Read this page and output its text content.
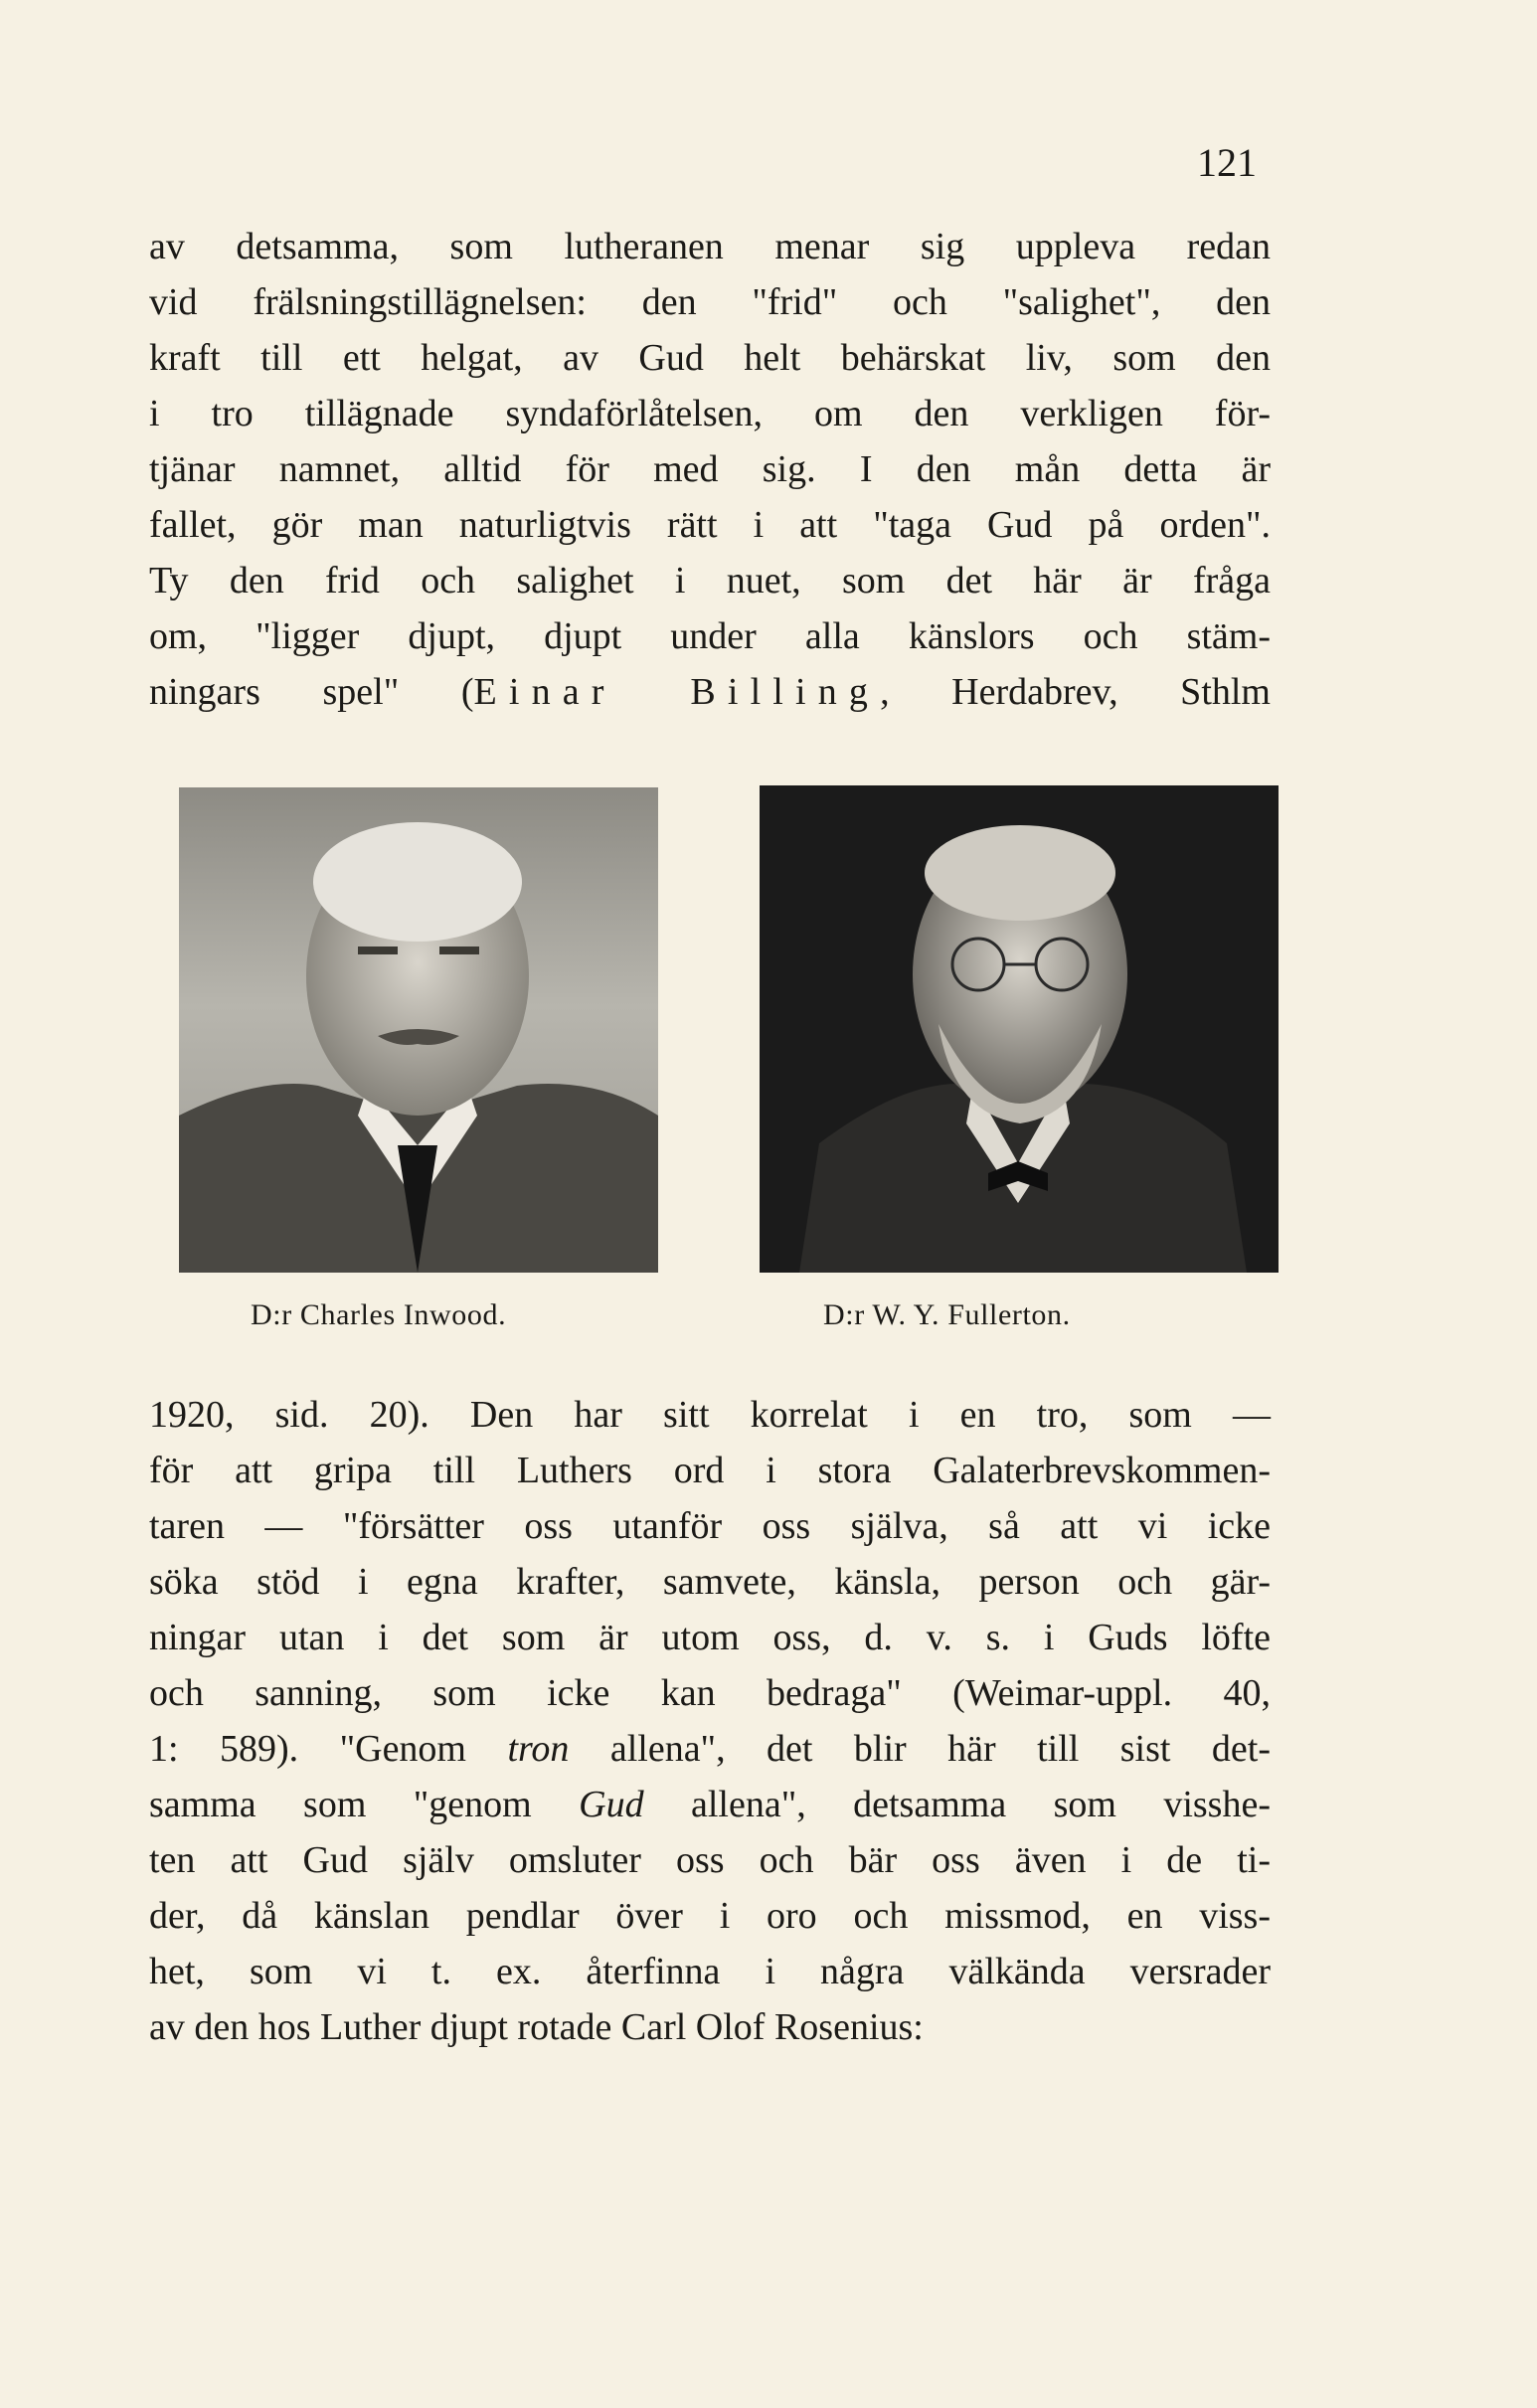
121
av detsamma, som lutheranen menar sig uppleva redan
vid frälsningstillägnelsen: den "frid" och "salighet", den
kraft till ett helgat, av Gud helt behärskat liv, som den
i tro tillägnade syndaförlåtelsen, om den verkligen för-
tjänar namnet, alltid för med sig. I den mån detta är
fallet, gör man naturligtvis rätt i att "taga Gud på orden".
Ty den frid och salighet i nuet, som det här är fråga
om, "ligger djupt, djupt under alla känslors och stäm-
ningars spel" (Einar Billing, Herdabrev, Sthlm
D:r Charles Inwood.	D:r W. Y. Fullerton.
1920, sid. 20). Den har sitt korrelat i en tro, som —
för att gripa till Luthers ord i stora Galaterbrevskommen-
taren — "försätter oss utanför oss själva, så att vi icke
söka stöd i egna krafter, samvete, känsla, person och gär-
ningar utan i det som är utom oss, d. v. s. i Guds löfte
och sanning, som icke kan bedraga" (Weimar-uppl. 40,
1: 589). "Genom tron allena", det blir här till sist det-
samma som "genom Gud allena", detsamma som visshe-
ten att Gud själv omsluter oss och bär oss även i de ti-
der, då känslan pendlar över i oro och missmod, en viss-
het, som vi t. ex. återfinna i några välkända versrader
av den hos Luther djupt rotade Carl Olof Rosenius:
